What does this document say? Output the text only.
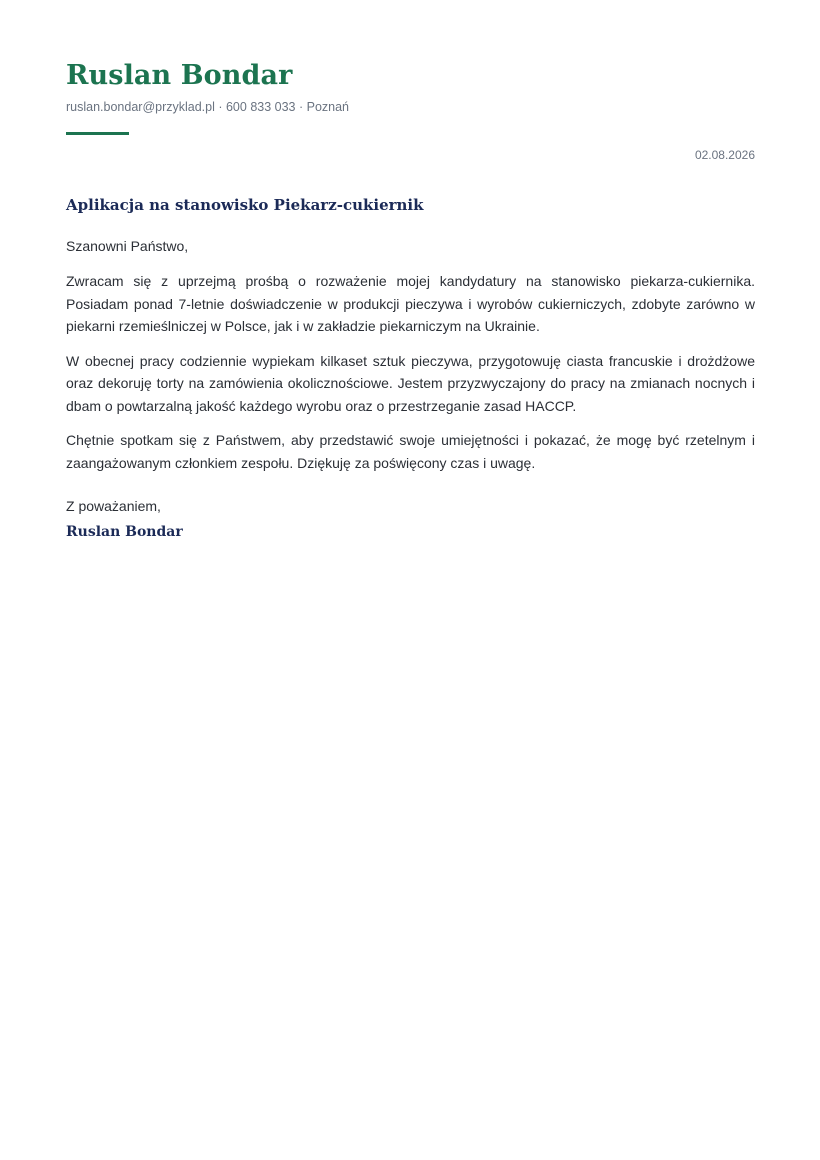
Ruslan Bondar
ruslan.bondar@przyklad.pl · 600 833 033 · Poznań
02.08.2026
Aplikacja na stanowisko Piekarz-cukiernik
Szanowni Państwo,

Zwracam się z uprzejmą prośbą o rozważenie mojej kandydatury na stanowisko piekarza-cukiernika. Posiadam ponad 7-letnie doświadczenie w produkcji pieczywa i wyrobów cukierniczych, zdobyte zarówno w piekarni rzemieślniczej w Polsce, jak i w zakładzie piekarniczym na Ukrainie.

W obecnej pracy codziennie wypiekam kilkaset sztuk pieczywa, przygotowuję ciasta francuskie i drożdżowe oraz dekoruję torty na zamówienia okolicznościowe. Jestem przyzwyczajony do pracy na zmianach nocnych i dbam o powtarzalną jakość każdego wyrobu oraz o przestrzeganie zasad HACCP.

Chętnie spotkam się z Państwem, aby przedstawić swoje umiejętności i pokazać, że mogę być rzetelnym i zaangażowanym członkiem zespołu. Dziękuję za poświęcony czas i uwagę.

Z poważaniem,
Ruslan Bondar
